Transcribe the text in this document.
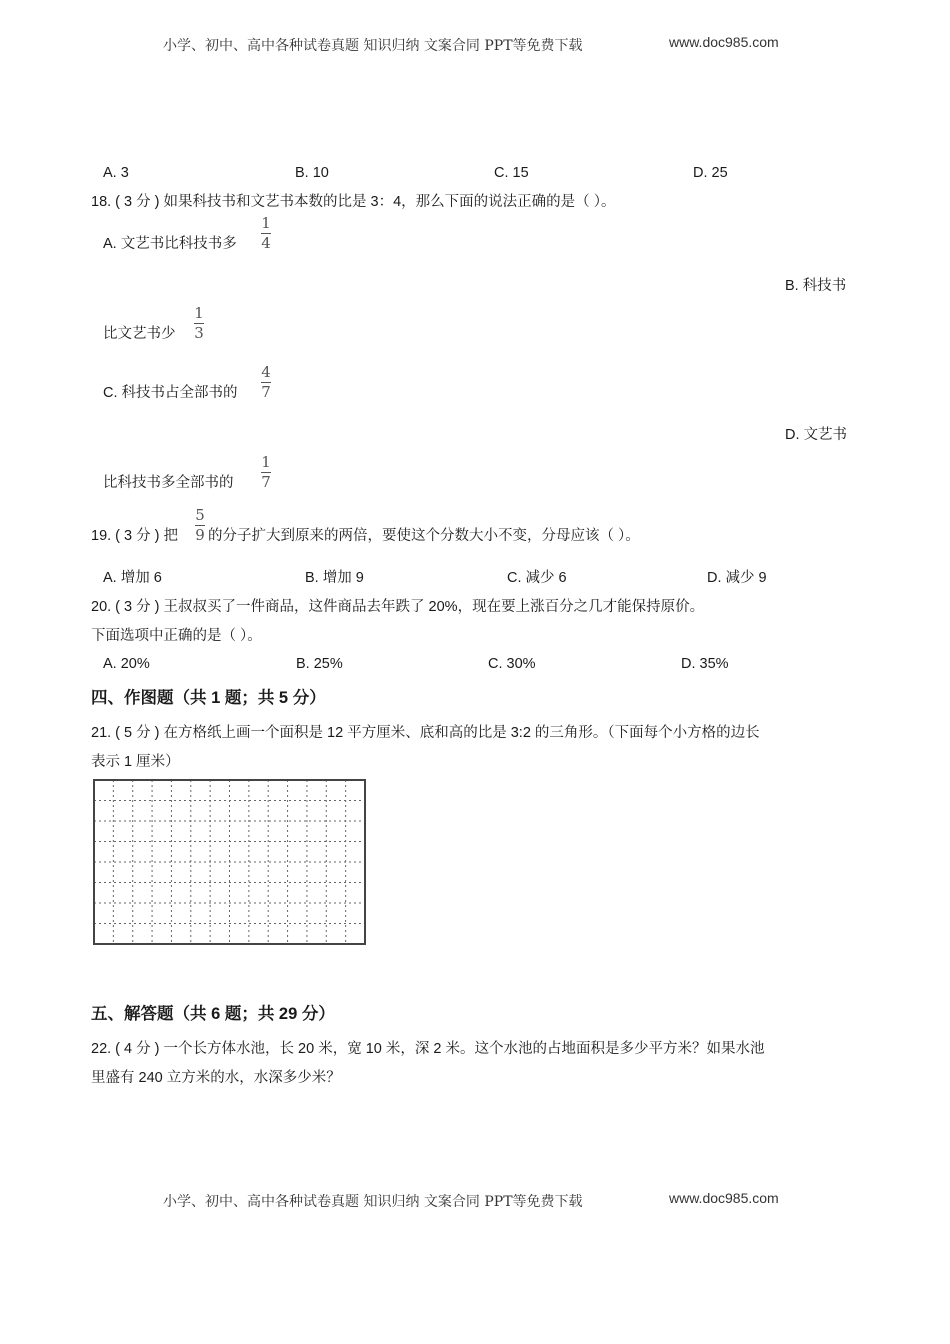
小学、初中、高中各种试卷真题 知识归纳 文案合同 PPT等免费下载	www.doc985.com
A. 3	B. 10	C. 15	D. 25
18. ( 3 分 ) 如果科技书和文艺书本数的比是 3：4，那么下面的说法正确的是（ ）。
A. 文艺书比科技书多
1
4
B. 科技书
比文艺书少
1
3
C. 科技书占全部书的
4
7
D. 文艺书
比科技书多全部书的
1
7
19. ( 3 分 ) 把
5
9 的分子扩大到原来的两倍，要使这个分数大小不变，分母应该（ ）。
A. 增加 6	B. 增加 9	C. 减少 6	D. 减少 9
20. ( 3 分 ) 王叔叔买了一件商品，这件商品去年跌了 20%，现在要上涨百分之几才能保持原价。
下面选项中正确的是（ ）。
A. 20%	B. 25%	C. 30%	D. 35%
四、作图题（共 1 题；共 5 分）
21. ( 5 分 ) 在方格纸上画一个面积是 12 平方厘米、底和高的比是 3:2 的三角形。（下面每个小方格的边长
表示 1 厘米）
五、解答题（共 6 题；共 29 分）
22. ( 4 分 ) 一个长方体水池，长 20 米，宽 10 米，深 2 米。这个水池的占地面积是多少平方米？如果水池
里盛有 240 立方米的水，水深多少米？
小学、初中、高中各种试卷真题 知识归纳 文案合同 PPT等免费下载	www.doc985.com
